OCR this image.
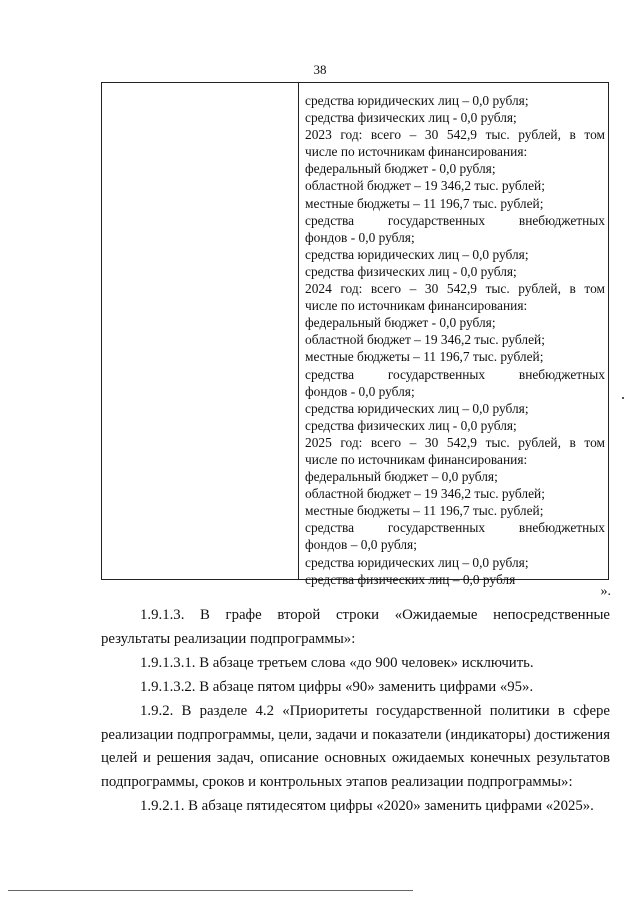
38
средства юридических лиц – 0,0 рубля;
средства физических лиц - 0,0 рубля;
2023 год: всего – 30 542,9 тыс. рублей, в том
числе по источникам финансирования:
федеральный бюджет - 0,0 рубля;
областной бюджет – 19 346,2 тыс. рублей;
местные бюджеты – 11 196,7 тыс. рублей;
средства государственных внебюджетных
фондов - 0,0 рубля;
средства юридических лиц – 0,0 рубля;
средства физических лиц - 0,0 рубля;
2024 год: всего – 30 542,9 тыс. рублей, в том
числе по источникам финансирования:
федеральный бюджет - 0,0 рубля;
областной бюджет – 19 346,2 тыс. рублей;
местные бюджеты – 11 196,7 тыс. рублей;
средства государственных внебюджетных
фондов - 0,0 рубля;
средства юридических лиц – 0,0 рубля;
средства физических лиц - 0,0 рубля;
2025 год: всего – 30 542,9 тыс. рублей, в том
числе по источникам финансирования:
федеральный бюджет – 0,0 рубля;
областной бюджет – 19 346,2 тыс. рублей;
местные бюджеты – 11 196,7 тыс. рублей;
средства государственных внебюджетных
фондов – 0,0 рубля;
средства юридических лиц – 0,0 рубля;
средства физических лиц – 0,0 рубля
».

1.9.1.3. В графе второй строки «Ожидаемые непосредственные результаты реализации подпрограммы»:

1.9.1.3.1. В абзаце третьем слова «до 900 человек» исключить.

1.9.1.3.2. В абзаце пятом цифры «90» заменить цифрами «95».

1.9.2. В разделе 4.2 «Приоритеты государственной политики в сфере реализации подпрограммы, цели, задачи и показатели (индикаторы) достижения целей и решения задач, описание основных ожидаемых конечных результатов подпрограммы, сроков и контрольных этапов реализации подпрограммы»:

1.9.2.1. В абзаце пятидесятом цифры «2020» заменить цифрами «2025».
